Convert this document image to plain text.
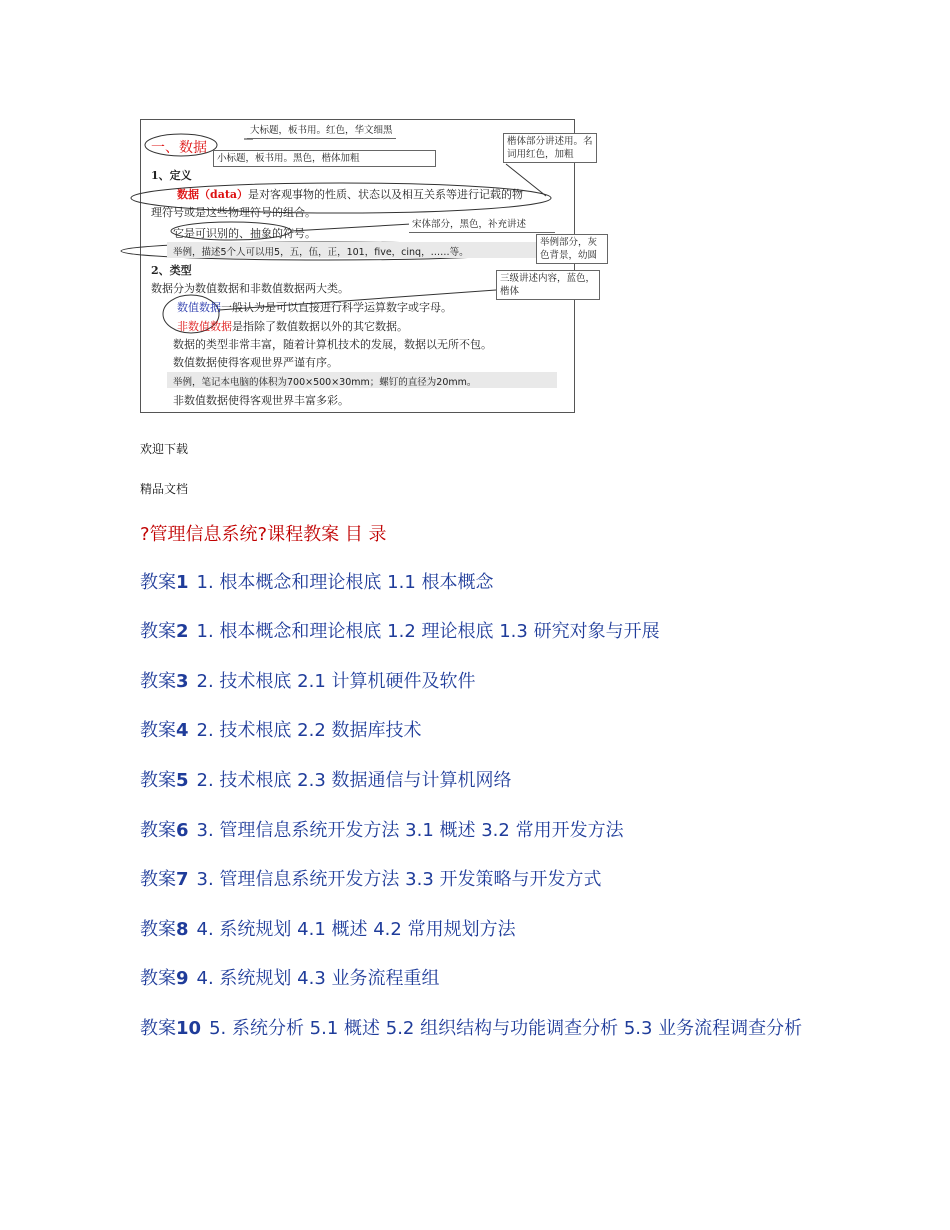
一、数据
大标题，板书用。红色，华文细黑
小标题，板书用。黑色，楷体加粗
楷体部分讲述用。名词用红色，加粗
1、定义
数据（data）是对客观事物的性质、状态以及相互关系等进行记载的物
理符号或是这些物理符号的组合。
它是可识别的、抽象的符号。
宋体部分，黑色，补充讲述
举例，描述5个人可以用5，五，伍，正，101，five，cinq，……等。
举例部分，灰色背景，幼圆
2、类型
数据分为数值数据和非数值数据两大类。
三级讲述内容，蓝色，楷体
数值数据一般认为是可以直接进行科学运算数字或字母。
非数值数据是指除了数值数据以外的其它数据。
数据的类型非常丰富，随着计算机技术的发展，数据以无所不包。
数值数据使得客观世界严谨有序。
举例，笔记本电脑的体积为700×500×30mm；螺钉的直径为20mm。
非数值数据使得客观世界丰富多彩。
欢迎下载
精品文档
?管理信息系统?课程教案 目 录
教案1 1. 根本概念和理论根底 1.1 根本概念
教案2 1. 根本概念和理论根底 1.2 理论根底 1.3 研究对象与开展
教案3 2. 技术根底 2.1 计算机硬件及软件
教案4 2. 技术根底 2.2 数据库技术
教案5 2. 技术根底 2.3 数据通信与计算机网络
教案6 3. 管理信息系统开发方法 3.1 概述 3.2 常用开发方法
教案7 3. 管理信息系统开发方法 3.3 开发策略与开发方式
教案8 4. 系统规划 4.1 概述 4.2 常用规划方法
教案9 4. 系统规划 4.3 业务流程重组
教案10 5. 系统分析 5.1 概述 5.2 组织结构与功能调查分析 5.3 业务流程调查分析
